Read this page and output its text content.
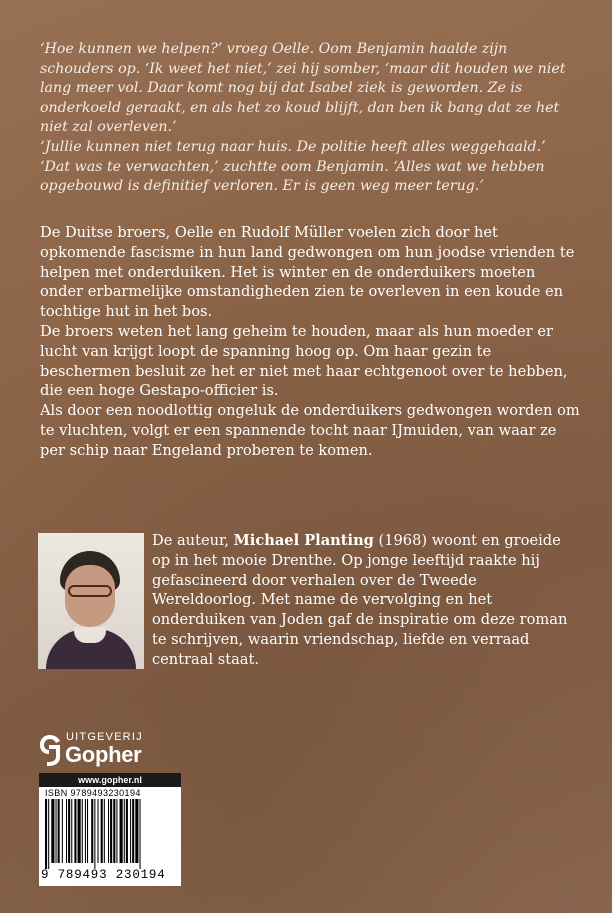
‘Hoe kunnen we helpen?’ vroeg Oelle. Oom Benjamin haalde zijn schouders op. ‘Ik weet het niet,’ zei hij somber, ‘maar dit houden we niet lang meer vol. Daar komt nog bij dat Isabel ziek is geworden. Ze is onderkoeld geraakt, en als het zo koud blijft, dan ben ik bang dat ze het niet zal overleven.’

‘Jullie kunnen niet terug naar huis. De politie heeft alles weggehaald.’

‘Dat was te verwachten,’ zuchtte oom Benjamin. ‘Alles wat we hebben opgebouwd is definitief verloren. Er is geen weg meer terug.’

De Duitse broers, Oelle en Rudolf Müller voelen zich door het opkomende fascisme in hun land gedwongen om hun joodse vrienden te helpen met onderduiken. Het is winter en de onderduikers moeten onder erbarmelijke omstandigheden zien te overleven in een koude en tochtige hut in het bos.

De broers weten het lang geheim te houden, maar als hun moeder er lucht van krijgt loopt de spanning hoog op. Om haar gezin te beschermen besluit ze het er niet met haar echtgenoot over te hebben, die een hoge Gestapo-officier is.

Als door een noodlottig ongeluk de onderduikers gedwongen worden om te vluchten, volgt er een spannende tocht naar IJmuiden, van waar ze per schip naar Engeland proberen te komen.

De auteur, Michael Planting (1968) woont en groeide op in het mooie Drenthe. Op jonge leeftijd raakte hij gefascineerd door verhalen over de Tweede Wereldoorlog. Met name de vervolging en het onderduiken van Joden gaf de inspiratie om deze roman te schrijven, waarin vriendschap, liefde en verraad centraal staat.
UITGEVERIJ
Gopher
www.gopher.nl
ISBN 9789493230194
9 789493 230194
